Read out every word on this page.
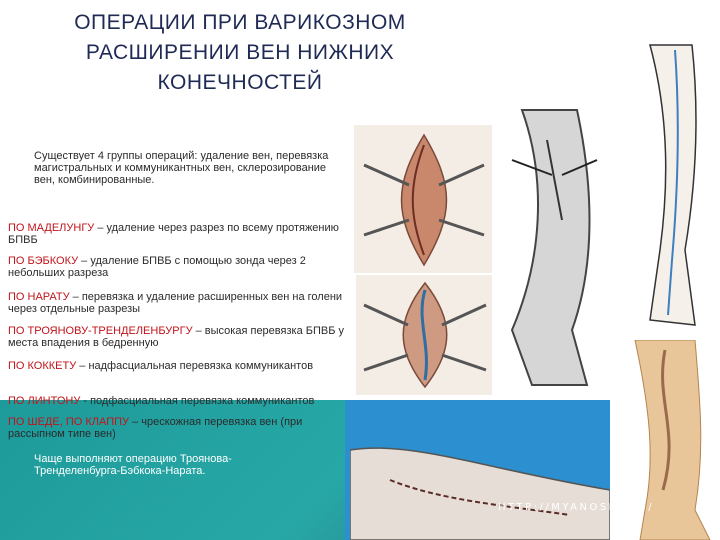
ОПЕРАЦИИ ПРИ ВАРИКОЗНОМ РАСШИРЕНИИ ВЕН НИЖНИХ КОНЕЧНОСТЕЙ
Существует 4 группы операций: удаление вен, перевязка магистральных и коммуникантных вен, склерозирование вен, комбинированные.
ПО МАДЕЛУНГУ – удаление через разрез по всему протяжению БПВБ
ПО БЭБКОКУ – удаление БПВБ с помощью зонда через 2 небольших разреза
ПО НАРАТУ – перевязка и удаление расширенных вен на голени через отдельные разрезы
ПО ТРОЯНОВУ-ТРЕНДЕЛЕНБУРГУ – высокая перевязка БПВБ у места впадения в бедренную
ПО КОККЕТУ – надфасциальная перевязка коммуникантов
ПО ЛИНТОНУ - подфасциальная перевязка коммуникантов
ПО ШЕДЕ, ПО КЛАППУ – чрескожная перевязка вен (при рассыпном типе вен)
Чаще выполняют операцию Троянова-Тренделенбурга-Бэбкока-Нарата.
HTTP://MYANOSIA.RU/
